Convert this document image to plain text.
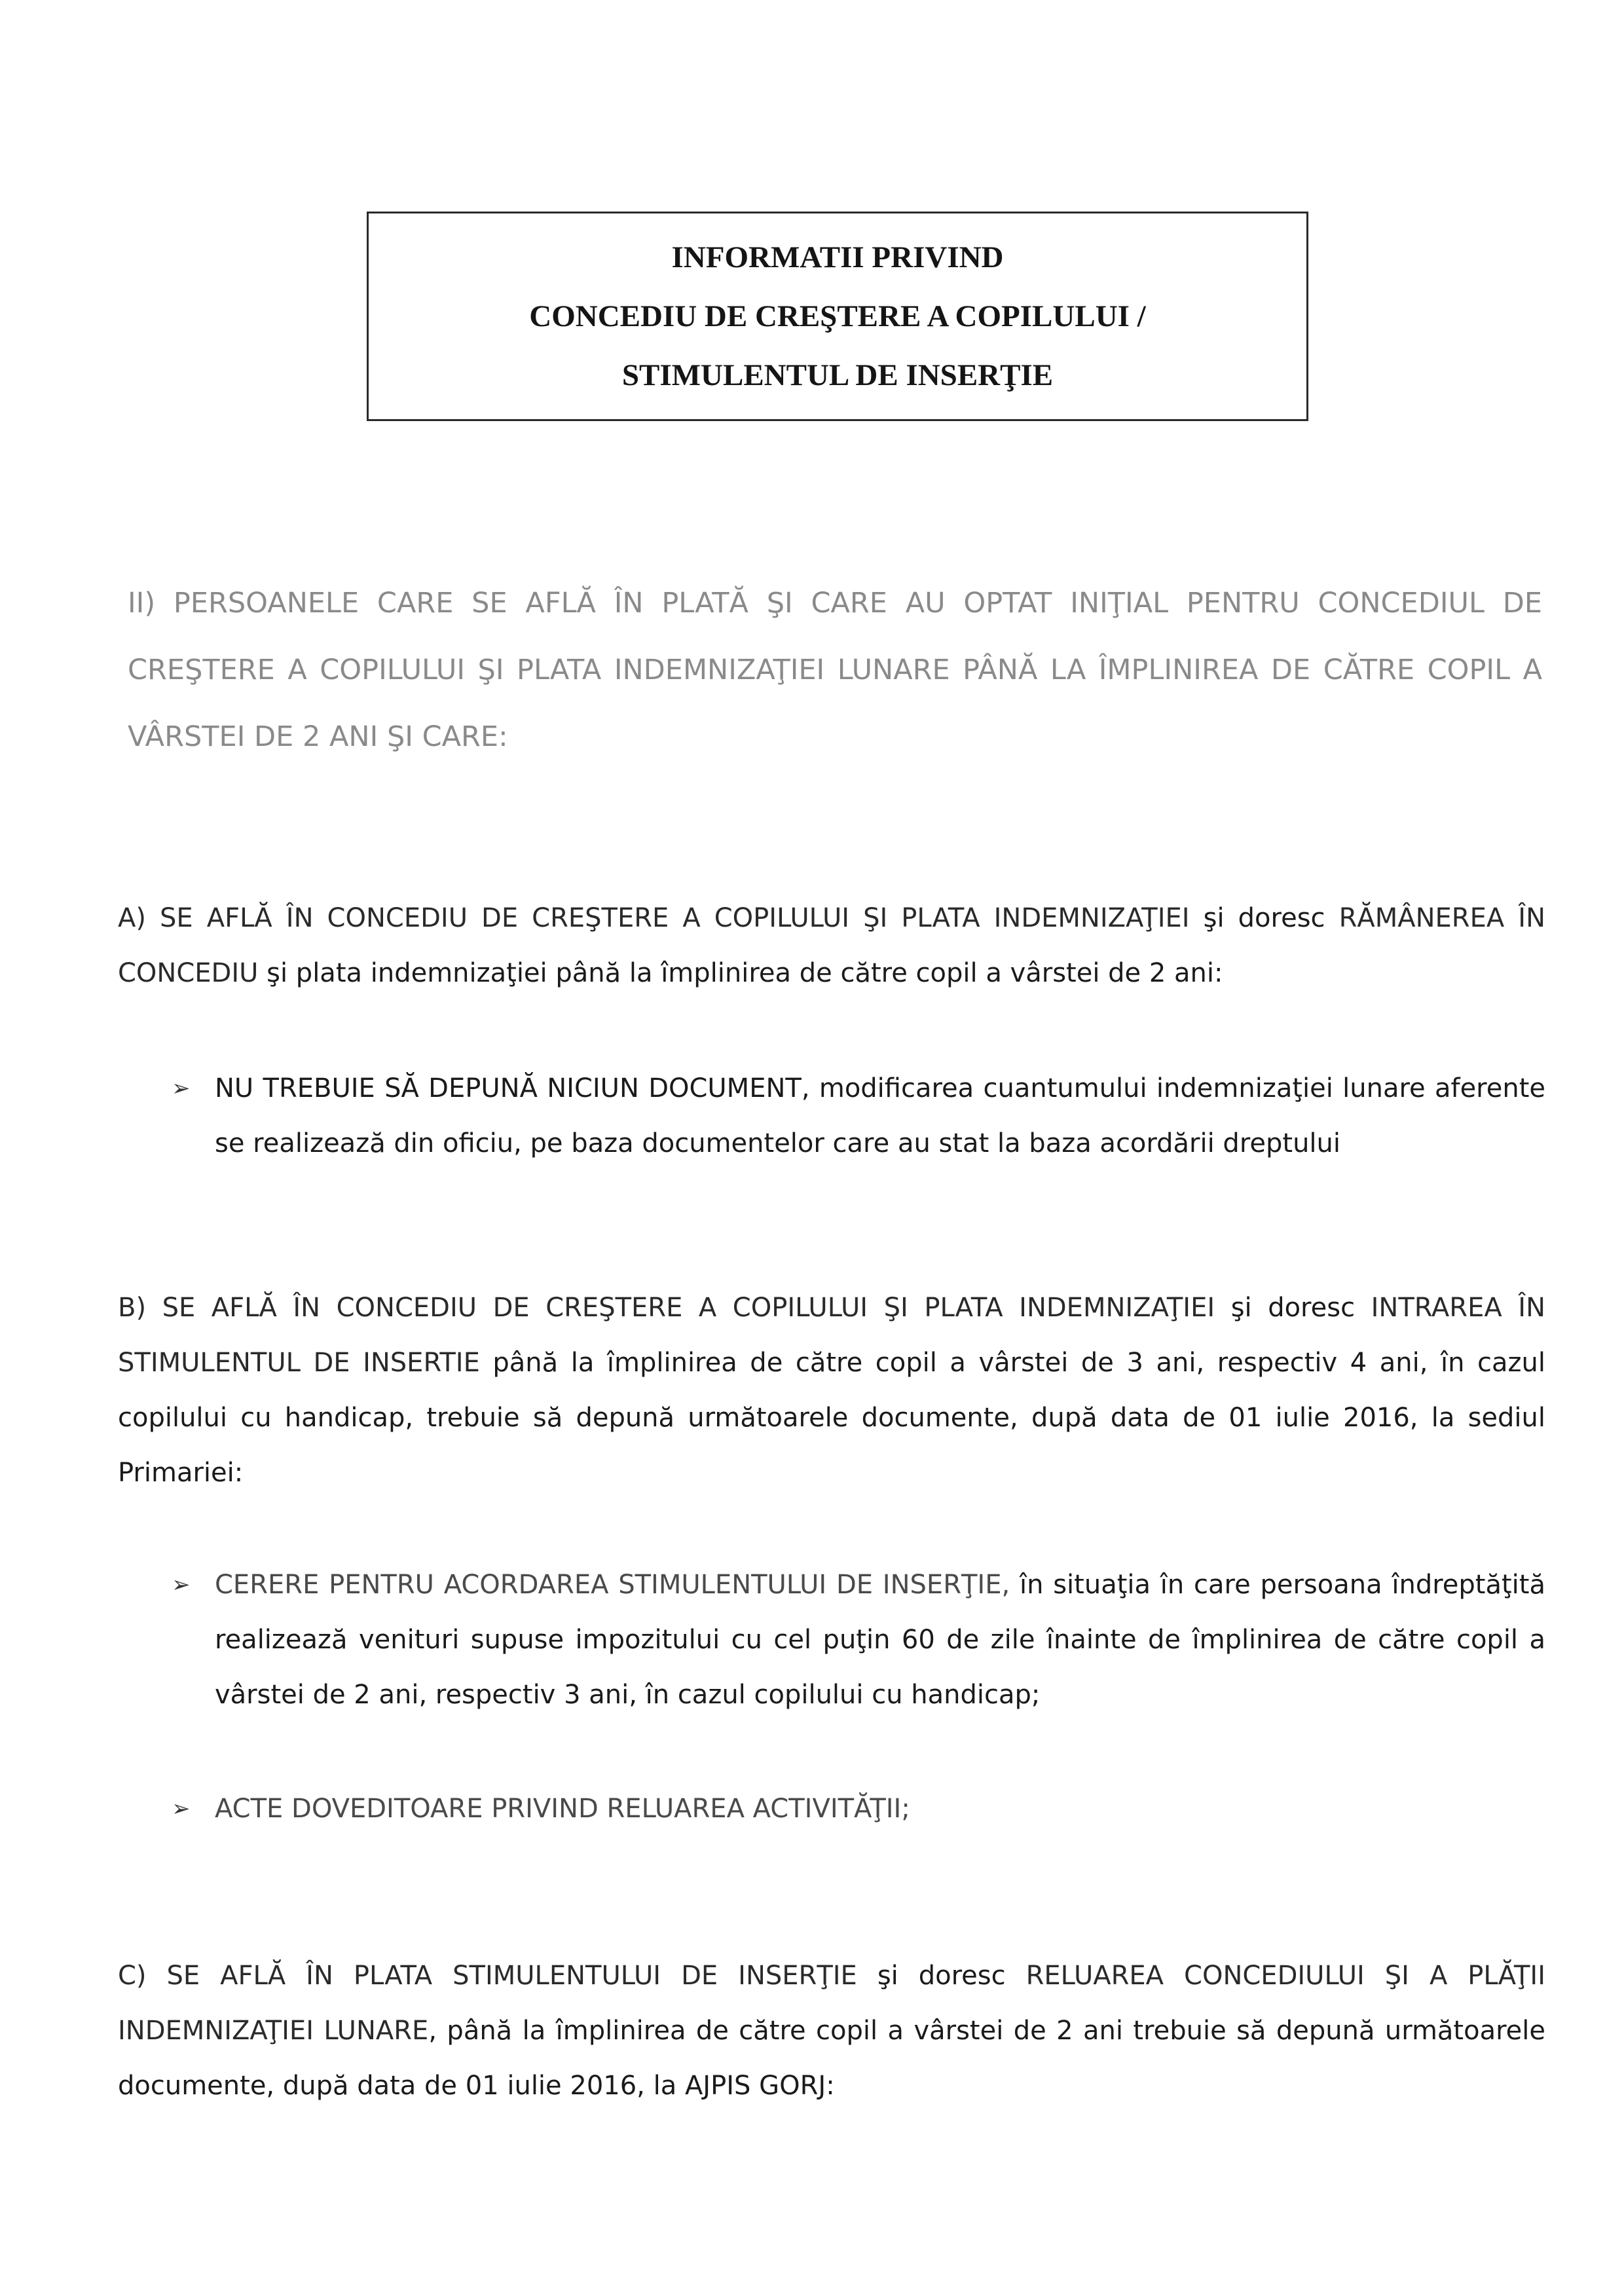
INFORMATII PRIVIND
CONCEDIU DE CREŞTERE A COPILULUI /
STIMULENTUL DE INSERŢIE
II) PERSOANELE CARE SE AFLĂ ÎN PLATĂ ŞI CARE AU OPTAT INIŢIAL PENTRU CONCEDIUL DE CREŞTERE A COPILULUI ŞI PLATA INDEMNIZAŢIEI LUNARE PÂNĂ LA ÎMPLINIREA DE CĂTRE COPIL A VÂRSTEI DE 2 ANI ŞI CARE:
A) SE AFLĂ ÎN CONCEDIU DE CREŞTERE A COPILULUI ŞI PLATA INDEMNIZAŢIEI şi doresc RĂMÂNEREA ÎN CONCEDIU şi plata indemnizaţiei până la împlinirea de către copil a vârstei de 2 ani:
➢ NU TREBUIE SĂ DEPUNĂ NICIUN DOCUMENT, modificarea cuantumului indemnizaţiei lunare aferente se realizează din oficiu, pe baza documentelor care au stat la baza acordării dreptului
B) SE AFLĂ ÎN CONCEDIU DE CREŞTERE A COPILULUI ŞI PLATA INDEMNIZAŢIEI şi doresc INTRAREA ÎN STIMULENTUL DE INSERTIE până la împlinirea de către copil a vârstei de 3 ani, respectiv 4 ani, în cazul copilului cu handicap, trebuie să depună următoarele documente, după data de 01 iulie 2016, la sediul Primariei:
➢ CERERE PENTRU ACORDAREA STIMULENTULUI DE INSERŢIE, în situaţia în care persoana îndreptăţită realizează venituri supuse impozitului cu cel puţin 60 de zile înainte de împlinirea de către copil a vârstei de 2 ani, respectiv 3 ani, în cazul copilului cu handicap;
➢ ACTE DOVEDITOARE PRIVIND RELUAREA ACTIVITĂŢII;
C) SE AFLĂ ÎN PLATA STIMULENTULUI DE INSERŢIE şi doresc RELUAREA CONCEDIULUI ŞI A PLĂŢII INDEMNIZAŢIEI LUNARE, până la împlinirea de către copil a vârstei de 2 ani trebuie să depună următoarele documente, după data de 01 iulie 2016, la AJPIS GORJ:
